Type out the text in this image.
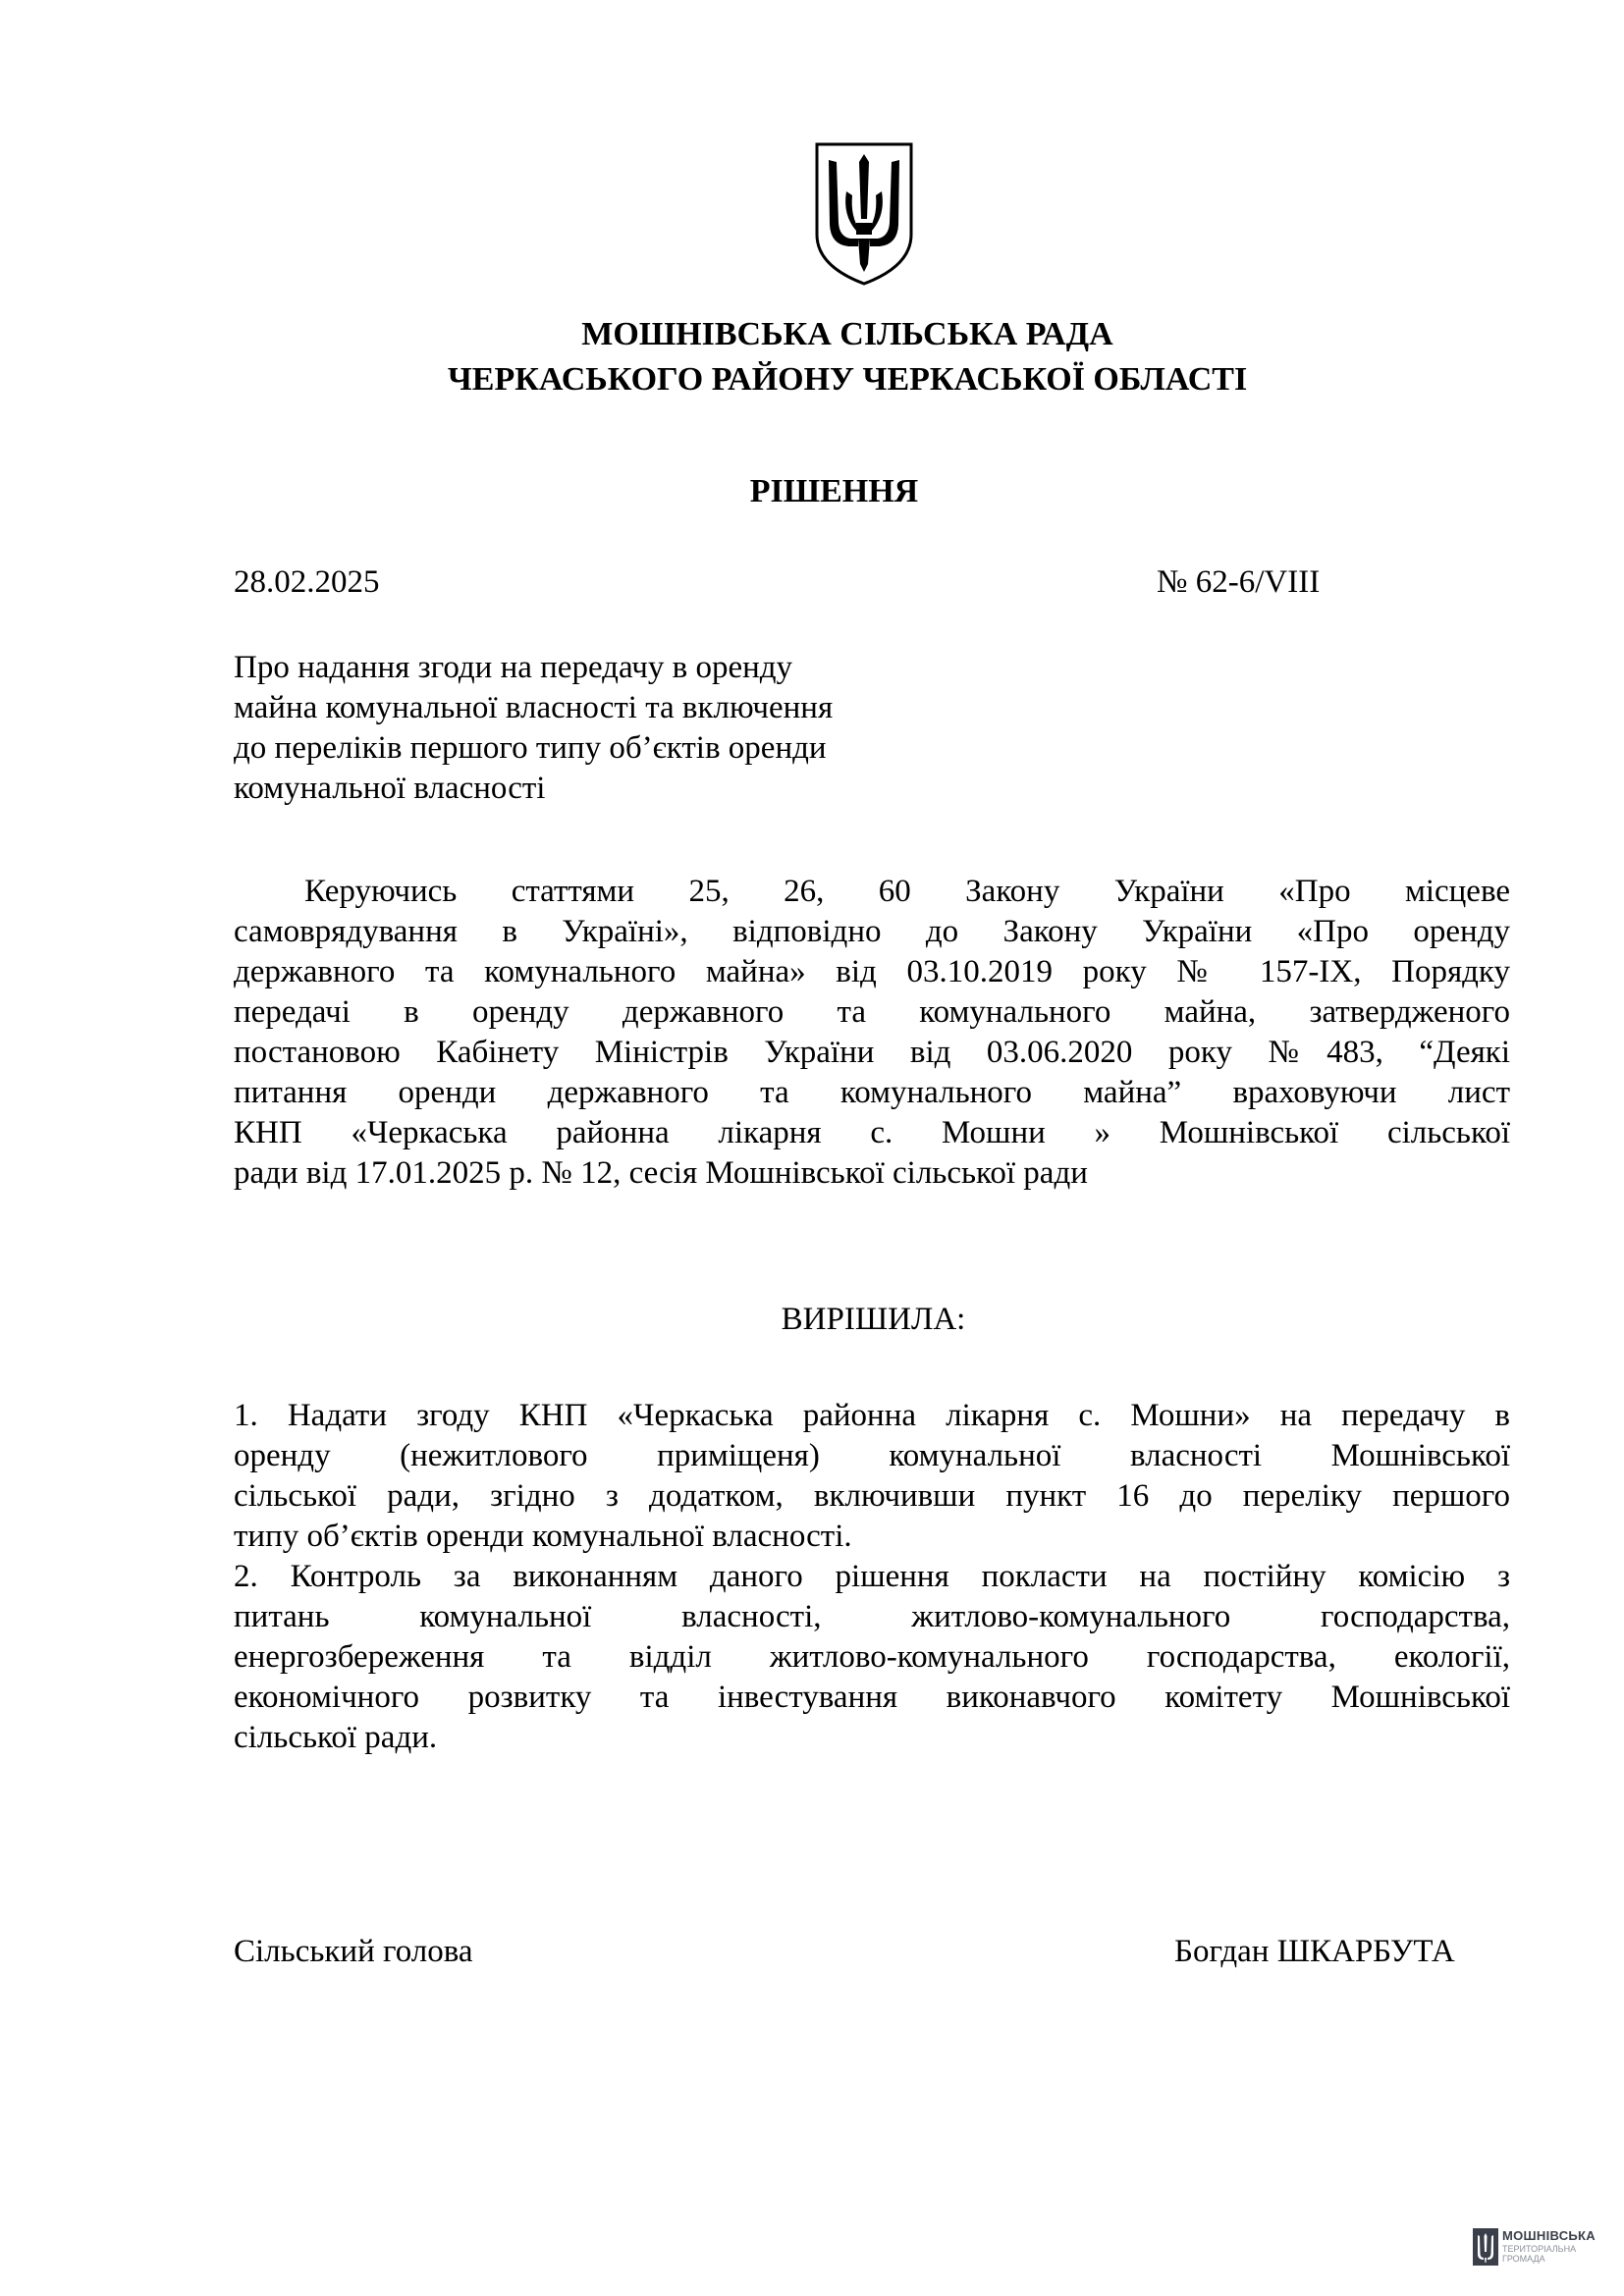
МОШНІВСЬКА СІЛЬСЬКА РАДА
ЧЕРКАСЬКОГО РАЙОНУ ЧЕРКАСЬКОЇ ОБЛАСТІ
РІШЕННЯ
28.02.2025	№ 62-6/VIII
Про надання згоди на передачу в оренду
майна комунальної власності та включення
до переліків першого типу об’єктів оренди
комунальної власності
Керуючись статтями 25, 26, 60 Закону України «Про місцеве
самоврядування в Україні», відповідно до Закону України «Про оренду
державного та комунального майна» від 03.10.2019 року № 157-IX, Порядку
передачі в оренду державного та комунального майна, затвердженого
постановою Кабінету Міністрів України від 03.06.2020 року №483, “Деякі
питання оренди державного та комунального майна” враховуючи лист
КНП «Черкаська районна лікарня с. Мошни » Мошнівської сільської
ради від 17.01.2025 р. № 12, сесія Мошнівської сільської ради
ВИРІШИЛА:
1. Надати згоду КНП «Черкаська районна лікарня с. Мошни» на передачу в
оренду (нежитлового приміщеня) комунальної власності Мошнівської
сільської ради, згідно з додатком, включивши пункт 16 до переліку першого
типу об’єктів оренди комунальної власності.
2. Контроль за виконанням даного рішення покласти на постійну комісію з
питань комунальної власності, житлово-комунального господарства,
енергозбереження та відділ житлово-комунального господарства, екології,
економічного розвитку та інвестування виконавчого комітету Мошнівської
сільської ради.
Сільський голова	Богдан ШКАРБУТА
МОШНІВСЬКА
ТЕРИТОРІАЛЬНА
ГРОМАДА
